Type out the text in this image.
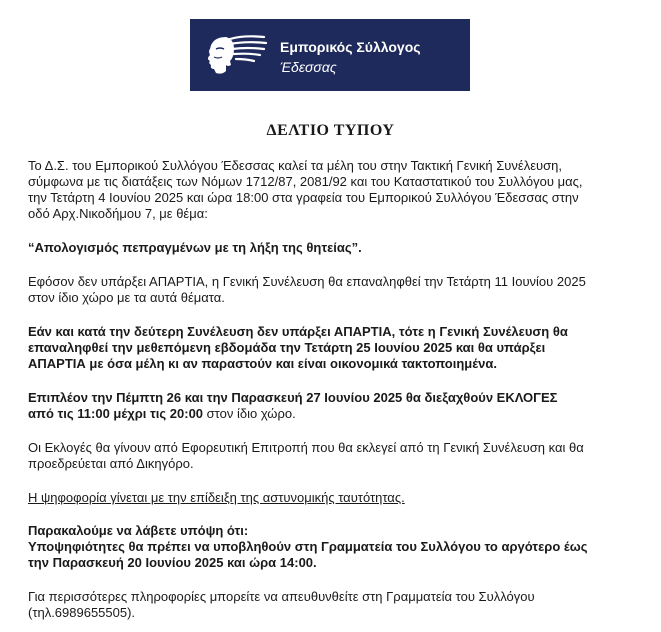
Εμπορικός Σύλλογος
Έδεσσας
ΔΕΛΤΙΟ ΤΥΠΟΥ
Το Δ.Σ. του Εμπορικού Συλλόγου Έδεσσας καλεί τα μέλη του στην Τακτική Γενική Συνέλευση,
σύμφωνα με τις διατάξεις των Νόμων 1712/87, 2081/92 και του Καταστατικού του Συλλόγου μας,
την Τετάρτη 4 Ιουνίου 2025 και ώρα 18:00 στα γραφεία του Εμπορικού Συλλόγου Έδεσσας στην
οδό Αρχ.Νικοδήμου 7, με θέμα:
“Απολογισμός πεπραγμένων με τη λήξη της θητείας”.
Εφόσον δεν υπάρξει ΑΠΑΡΤΙΑ, η Γενική Συνέλευση θα επαναληφθεί την Τετάρτη 11 Ιουνίου 2025
στον ίδιο χώρο με τα αυτά θέματα.
Εάν και κατά την δεύτερη Συνέλευση δεν υπάρξει ΑΠΑΡΤΙΑ, τότε η Γενική Συνέλευση θα
επαναληφθεί την μεθεπόμενη εβδομάδα την Τετάρτη 25 Ιουνίου 2025 και θα υπάρξει
ΑΠΑΡΤΙΑ με όσα μέλη κι αν παραστούν και είναι οικονομικά τακτοποιημένα.
Επιπλέον την Πέμπτη 26 και την Παρασκευή 27 Ιουνίου 2025 θα διεξαχθούν ΕΚΛΟΓΕΣ
από τις 11:00 μέχρι τις 20:00 στον ίδιο χώρο.
Οι Εκλογές θα γίνουν από Εφορευτική Επιτροπή που θα εκλεγεί από τη Γενική Συνέλευση και θα
προεδρεύεται από Δικηγόρο.
Η ψηφοφορία γίνεται με την επίδειξη της αστυνομικής ταυτότητας.
Παρακαλούμε να λάβετε υπόψη ότι:
Υποψηφιότητες θα πρέπει να υποβληθούν στη Γραμματεία του Συλλόγου το αργότερο έως
την Παρασκευή 20 Ιουνίου 2025 και ώρα 14:00.
Για περισσότερες πληροφορίες μπορείτε να απευθυνθείτε στη Γραμματεία του Συλλόγου
(τηλ.6989655505).
